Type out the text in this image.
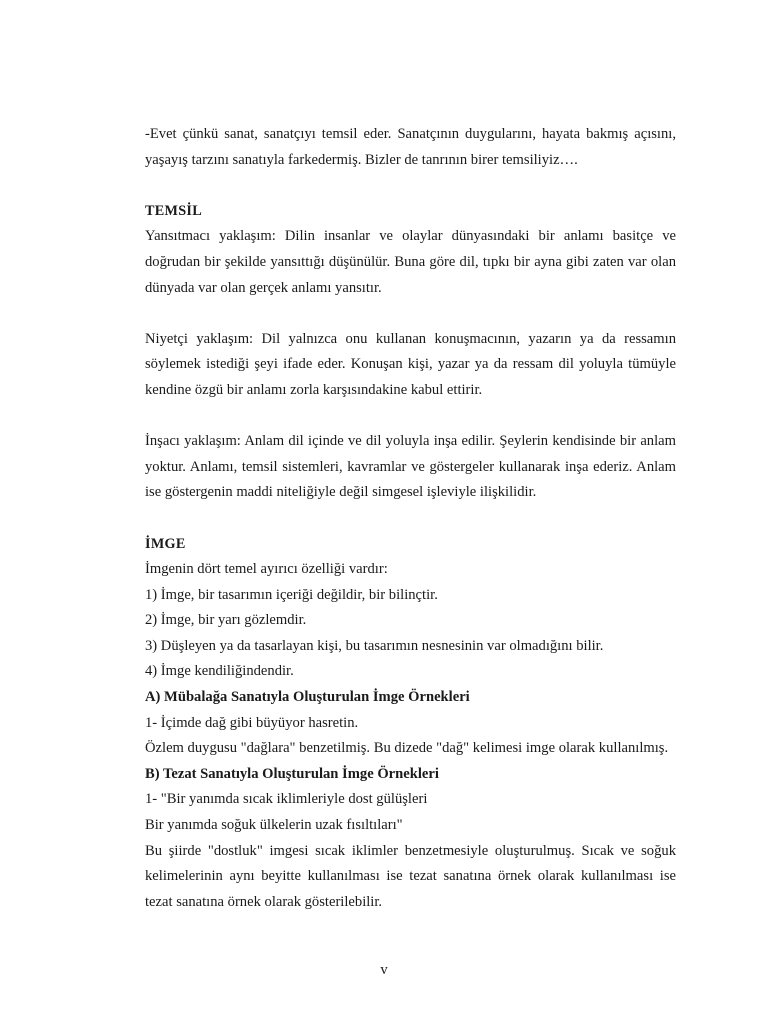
-Evet çünkü sanat, sanatçıyı temsil eder. Sanatçının duygularını, hayata bakmış açısını, yaşayış tarzını sanatıyla farkedermiş. Bizler de tanrının birer temsiliyiz….

TEMSİL

Yansıtmacı yaklaşım: Dilin insanlar ve olaylar dünyasındaki bir anlamı basitçe ve doğrudan bir şekilde yansıttığı düşünülür. Buna göre dil, tıpkı bir ayna gibi zaten var olan dünyada var olan gerçek anlamı yansıtır.

Niyetçi yaklaşım: Dil yalnızca onu kullanan konuşmacının, yazarın ya da ressamın söylemek istediği şeyi ifade eder. Konuşan kişi, yazar ya da ressam dil yoluyla tümüyle kendine özgü bir anlamı zorla karşısındakine kabul ettirir.

İnşacı yaklaşım: Anlam dil içinde ve dil yoluyla inşa edilir. Şeylerin kendisinde bir anlam yoktur. Anlamı, temsil sistemleri, kavramlar ve göstergeler kullanarak inşa ederiz. Anlam ise göstergenin maddi niteliğiyle değil simgesel işleviyle ilişkilidir.

İMGE

İmgenin dört temel ayırıcı özelliği vardır:

1) İmge, bir tasarımın içeriği değildir, bir bilinçtir.

2) İmge, bir yarı gözlemdir.

3) Düşleyen ya da tasarlayan kişi, bu tasarımın nesnesinin var olmadığını bilir.

4) İmge kendiliğindendir.

A) Mübalağa Sanatıyla Oluşturulan İmge Örnekleri

1- İçimde dağ gibi büyüyor hasretin.

Özlem duygusu "dağlara" benzetilmiş. Bu dizede "dağ" kelimesi imge olarak kullanılmış.

B) Tezat Sanatıyla Oluşturulan İmge Örnekleri

1- "Bir yanımda sıcak iklimleriyle dost gülüşleri

Bir yanımda soğuk ülkelerin uzak fısıltıları"

Bu şiirde "dostluk" imgesi sıcak iklimler benzetmesiyle oluşturulmuş. Sıcak ve soğuk kelimelerinin aynı beyitte kullanılması ise tezat sanatına örnek olarak kullanılması ise tezat sanatına örnek olarak gösterilebilir.

v
